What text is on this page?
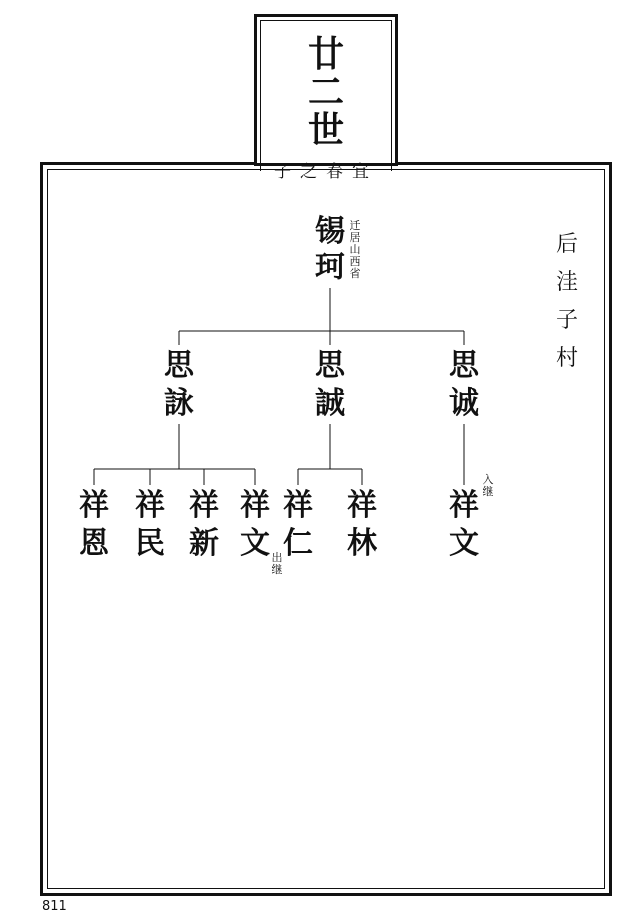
廿二世
子之春宜
锡珂
迁居山西省
思詠
思誠
思诚
祥恩
祥民
祥新
祥文 出继
祥仁
祥林
祥文
入继
后洼子村
811
